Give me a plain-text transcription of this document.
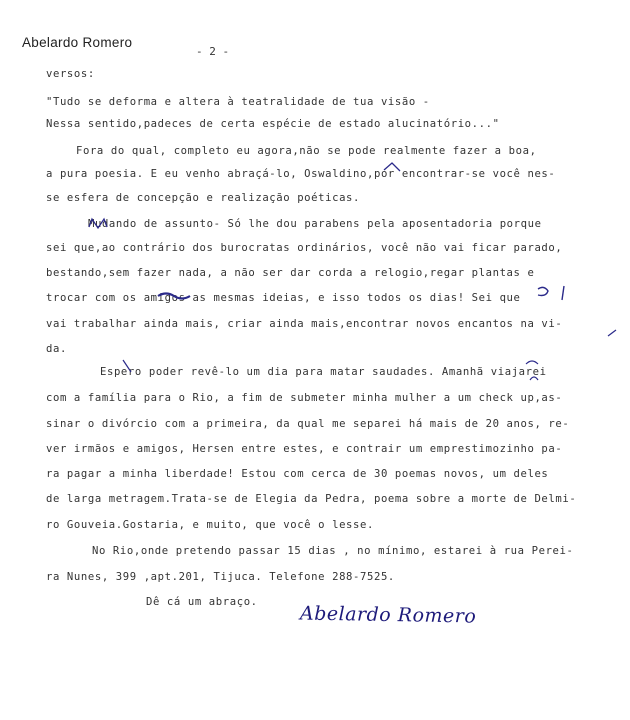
Abelardo Romero
- 2 -
versos:
"Tudo se deforma e altera à teatralidade de tua visão -
Nessa sentido,padeces de certa espécie de estado alucinatório..."
Fora do qual, completo eu agora,não se pode realmente fazer a boa,
a pura poesia. E eu venho abraçá-lo, Oswaldino,por encontrar-se você nes-
se esfera de concepção e realização poéticas.
Mudando de assunto- Só lhe dou parabens pela aposentadoria porque
sei que,ao contrário dos burocratas ordinários, você não vai ficar parado,
bestando,sem fazer nada, a não ser dar corda a relogio,regar plantas e
trocar com os amigos as mesmas ideias, e isso todos os dias! Sei que
vai trabalhar ainda mais, criar ainda mais,encontrar novos encantos na vi-
da.
Espero poder revê-lo um dia para matar saudades. Amanhã viajarei
com a família para o Rio, a fim de submeter minha mulher a um check up,as-
sinar o divórcio com a primeira, da qual me separei há mais de 20 anos, re-
ver irmãos e amigos, Hersen entre estes, e contrair um emprestimozinho pa-
ra pagar a minha liberdade! Estou com cerca de 30 poemas novos, um deles
de larga metragem.Trata-se de Elegia da Pedra, poema sobre a morte de Delmi-
ro Gouveia.Gostaria, e muito, que você o lesse.
No Rio,onde pretendo passar 15 dias , no mínimo, estarei à rua Perei-
ra Nunes, 399 ,apt.201, Tijuca. Telefone 288-7525.
Dê cá um abraço.
Abelardo Romero
